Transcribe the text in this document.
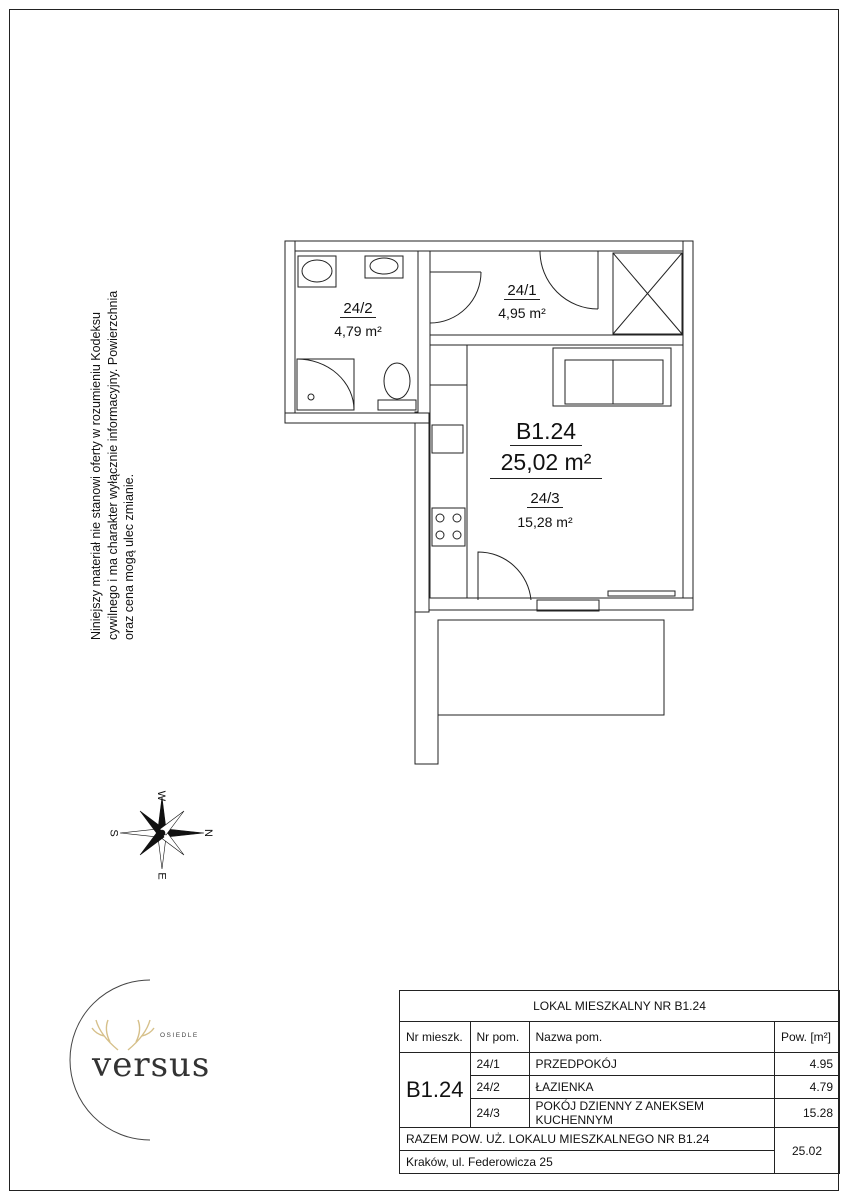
24/2
4,79 m²
24/1
4,95 m²
B1.24
25,02 m²
24/3
15,28 m²
Niniejszy materiał nie stanowi oferty w rozumieniu Kodeksu cywilnego i ma charakter wyłącznie informacyjny. Powierzchnia oraz cena mogą ulec zmianie.
W
E
S	N
OSIEDLE
versus
LOKAL MIESZKALNY NR B1.24			
Nr mieszk.	Nr pom.	Nazwa pom.	Pow. [m²]
B1.24	24/1	PRZEDPOKÓJ	4.95
	24/2	ŁAZIENKA	4.79
	24/3	POKÓJ DZIENNY Z ANEKSEM KUCHENNYM	15.28
RAZEM POW. UŻ. LOKALU MIESZKALNEGO NR B1.24			25.02
Kraków, ul. Federowicza 25			
